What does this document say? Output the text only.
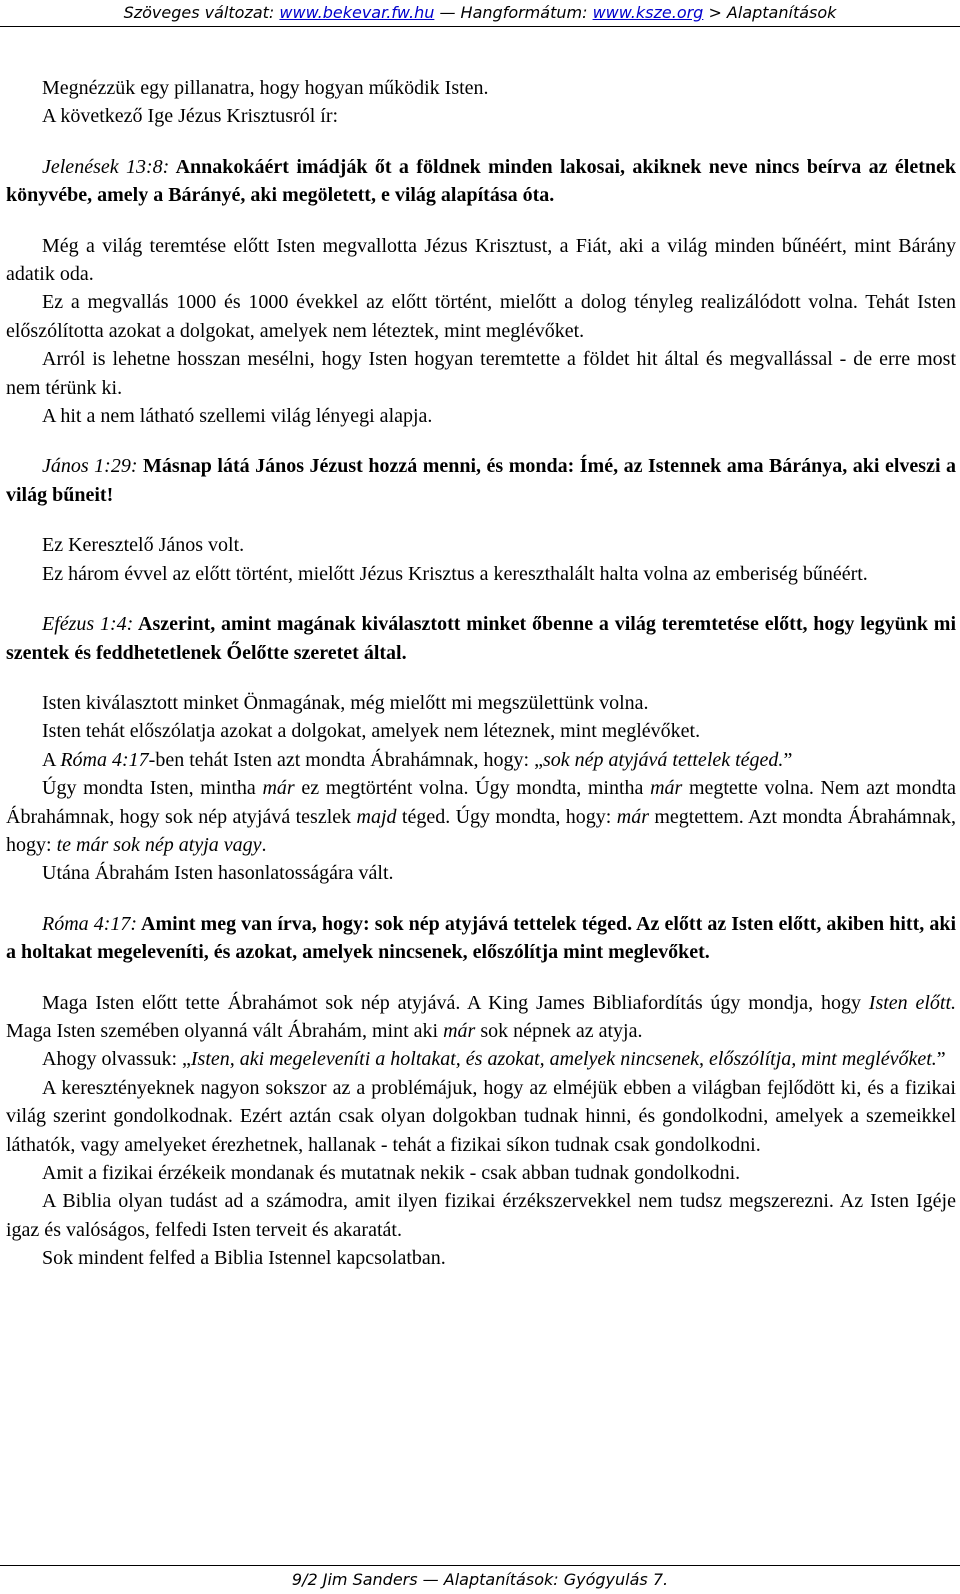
Szöveges változat: www.bekevar.fw.hu — Hangformátum: www.ksze.org > Alaptanítások

Megnézzük egy pillanatra, hogy hogyan működik Isten.

A következő Ige Jézus Krisztusról ír:

Jelenések 13:8: Annakokáért imádják őt a földnek minden lakosai, akiknek neve nincs beírva az életnek könyvébe, amely a Bárányé, aki megöletett, e világ alapítása óta.

Még a világ teremtése előtt Isten megvallotta Jézus Krisztust, a Fiát, aki a világ minden bűnéért, mint Bárány adatik oda.

Ez a megvallás 1000 és 1000 évekkel az előtt történt, mielőtt a dolog tényleg realizálódott volna. Tehát Isten előszólította azokat a dolgokat, amelyek nem léteztek, mint meglévőket.

Arról is lehetne hosszan mesélni, hogy Isten hogyan teremtette a földet hit által és megvallással - de erre most nem térünk ki.

A hit a nem látható szellemi világ lényegi alapja.

János 1:29: Másnap látá János Jézust hozzá menni, és monda: Ímé, az Istennek ama Báránya, aki elveszi a világ bűneit!

Ez Keresztelő János volt.

Ez három évvel az előtt történt, mielőtt Jézus Krisztus a kereszthalált halta volna az emberiség bűnéért.

Efézus 1:4: Aszerint, amint magának kiválasztott minket őbenne a világ teremtetése előtt, hogy legyünk mi szentek és feddhetetlenek Őelőtte szeretet által.

Isten kiválasztott minket Önmagának, még mielőtt mi megszülettünk volna.

Isten tehát előszólatja azokat a dolgokat, amelyek nem léteznek, mint meglévőket.

A Róma 4:17-ben tehát Isten azt mondta Ábrahámnak, hogy: „sok nép atyjává tettelek téged.”

Úgy mondta Isten, mintha már ez megtörtént volna. Úgy mondta, mintha már megtette volna. Nem azt mondta Ábrahámnak, hogy sok nép atyjává teszlek majd téged. Úgy mondta, hogy: már megtettem. Azt mondta Ábrahámnak, hogy: te már sok nép atyja vagy.

Utána Ábrahám Isten hasonlatosságára vált.

Róma 4:17: Amint meg van írva, hogy: sok nép atyjává tettelek téged. Az előtt az Isten előtt, akiben hitt, aki a holtakat megeleveníti, és azokat, amelyek nincsenek, előszólítja mint meglevőket.

Maga Isten előtt tette Ábrahámot sok nép atyjává. A King James Bibliafordítás úgy mondja, hogy Isten előtt. Maga Isten szemében olyanná vált Ábrahám, mint aki már sok népnek az atyja.

Ahogy olvassuk: „Isten, aki megeleveníti a holtakat, és azokat, amelyek nincsenek, előszólítja, mint meglévőket.”

A keresztényeknek nagyon sokszor az a problémájuk, hogy az elméjük ebben a világban fejlődött ki, és a fizikai világ szerint gondolkodnak. Ezért aztán csak olyan dolgokban tudnak hinni, és gondolkodni, amelyek a szemeikkel láthatók, vagy amelyeket érezhetnek, hallanak - tehát a fizikai síkon tudnak csak gondolkodni.

Amit a fizikai érzékeik mondanak és mutatnak nekik - csak abban tudnak gondolkodni.

A Biblia olyan tudást ad a számodra, amit ilyen fizikai érzékszervekkel nem tudsz megszerezni. Az Isten Igéje igaz és valóságos, felfedi Isten terveit és akaratát.

Sok mindent felfed a Biblia Istennel kapcsolatban.

9/2 Jim Sanders — Alaptanítások: Gyógyulás 7.
